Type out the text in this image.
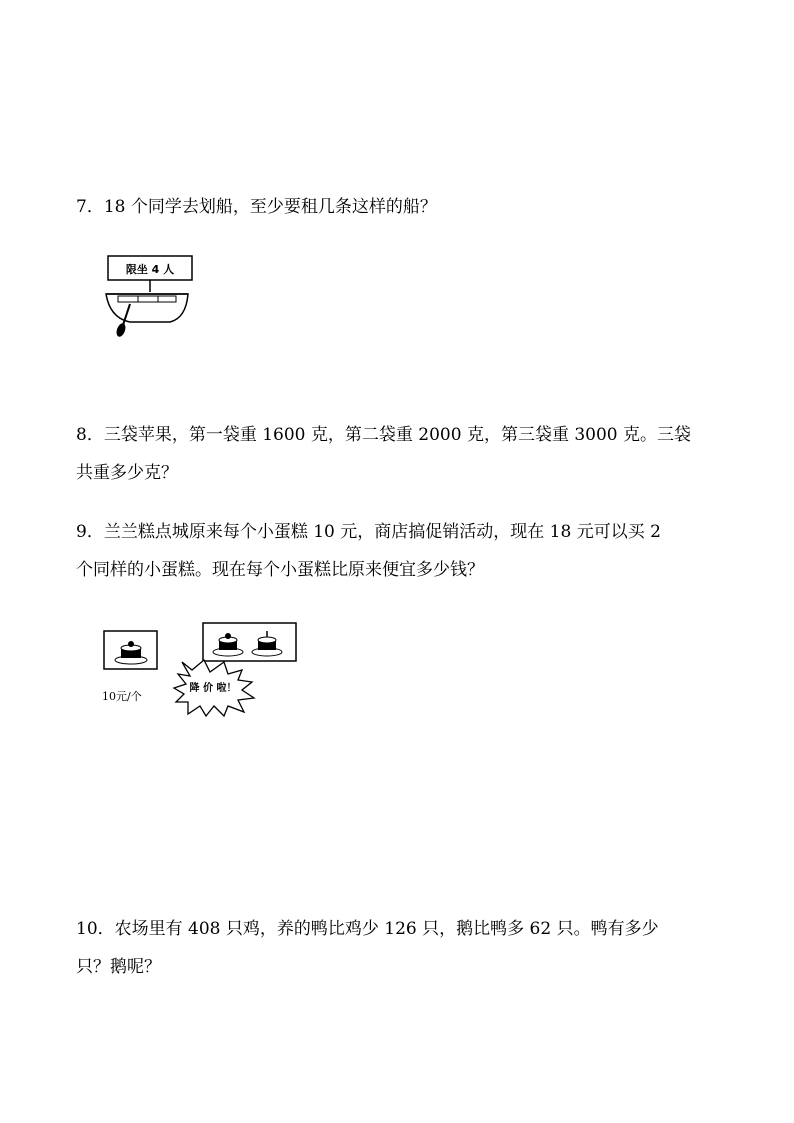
7．18 个同学去划船，至少要租几条这样的船？
限坐 4 人
8．三袋苹果，第一袋重 1600 克，第二袋重 2000 克，第三袋重 3000 克。三袋
共重多少克？
9．兰兰糕点城原来每个小蛋糕 10 元，商店搞促销活动，现在 18 元可以买 2
个同样的小蛋糕。现在每个小蛋糕比原来便宜多少钱？
降 价 啦！
10元/个
10．农场里有 408 只鸡，养的鸭比鸡少 126 只，鹅比鸭多 62 只。鸭有多少
只？鹅呢？
